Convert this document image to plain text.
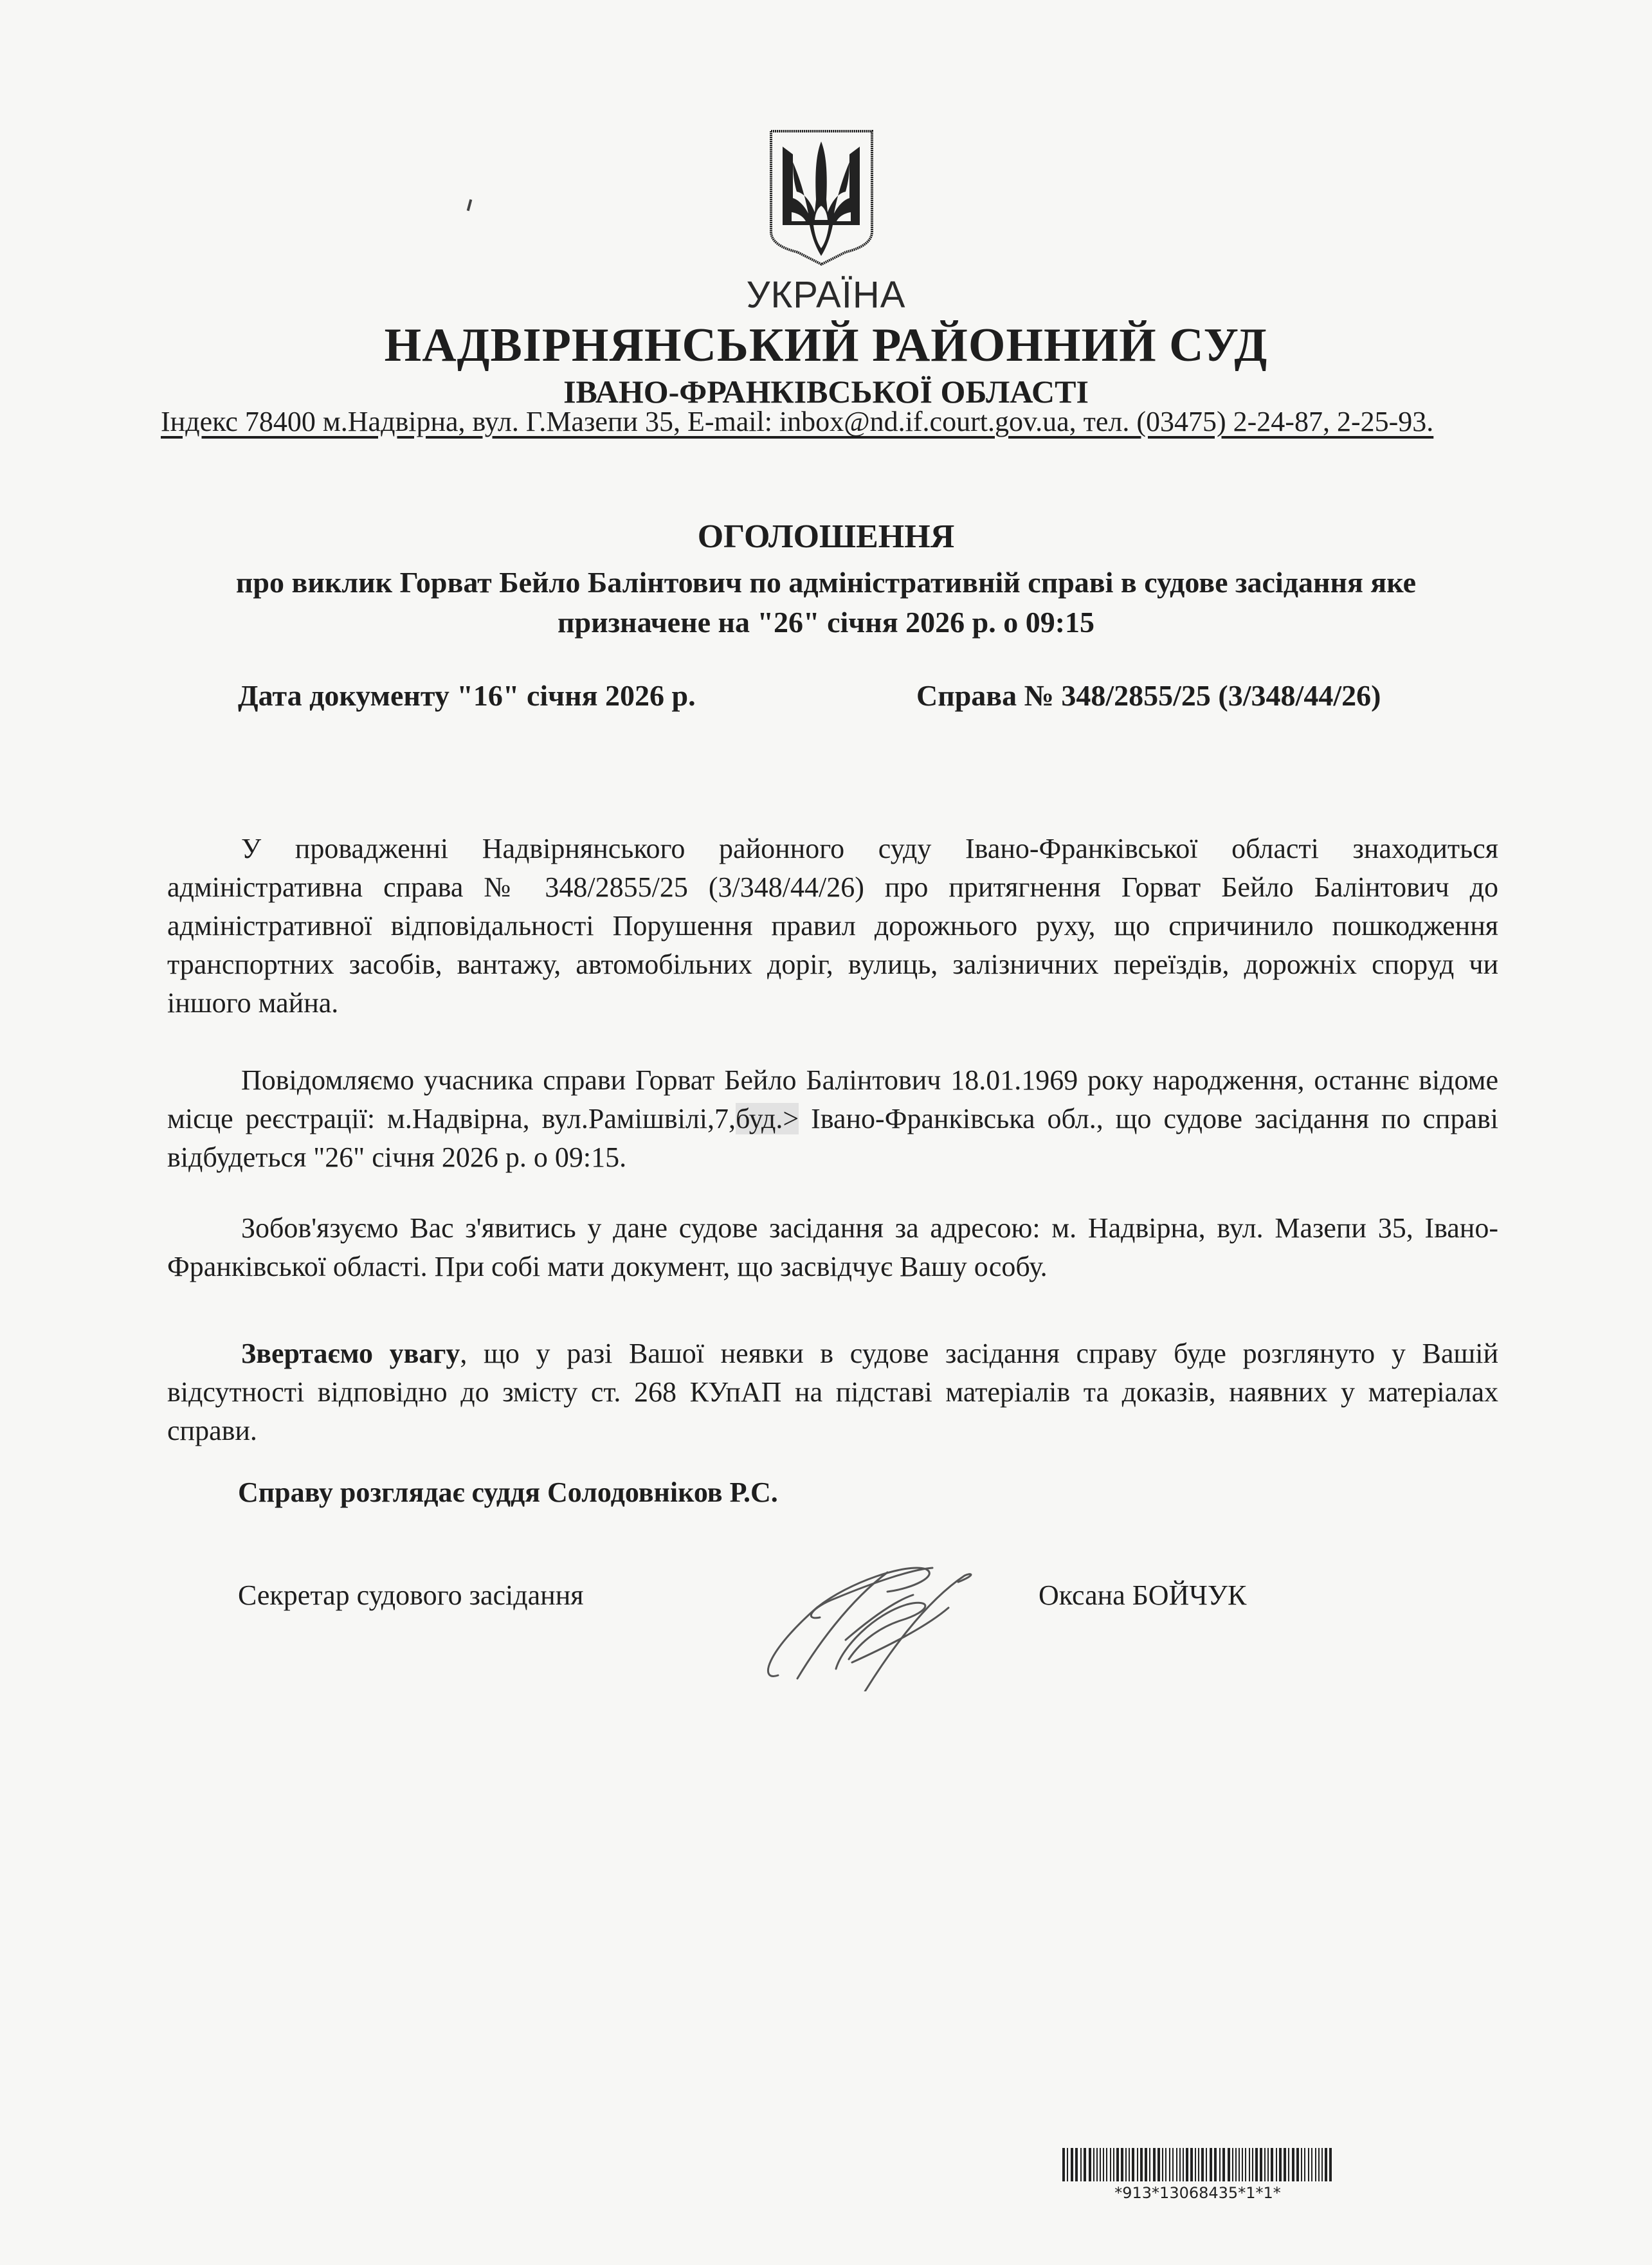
УКРАЇНА
НАДВІРНЯНСЬКИЙ РАЙОННИЙ СУД
ІВАНО-ФРАНКІВСЬКОЇ ОБЛАСТІ
Індекс 78400 м.Надвірна, вул. Г.Мазепи 35, E-mail: inbox@nd.if.court.gov.ua, тел. (03475) 2-24-87, 2-25-93.
ОГОЛОШЕННЯ
про виклик Горват Бейло Балінтович по адміністративній справі в судове засідання яке призначене на "26" січня 2026 р. о 09:15
Дата документу "16" січня 2026 р.	Справа № 348/2855/25 (3/348/44/26)
У провадженні Надвірнянського районного суду Івано-Франківської області знаходиться адміністративна справа № 348/2855/25 (3/348/44/26) про притягнення Горват Бейло Балінтович до адміністративної відповідальності Порушення правил дорожнього руху, що спричинило пошкодження транспортних засобів, вантажу, автомобільних доріг, вулиць, залізничних переїздів, дорожніх споруд чи іншого майна.
Повідомляємо учасника справи Горват Бейло Балінтович 18.01.1969 року народження, останнє відоме місце реєстрації: м.Надвірна, вул.Рамішвілі,7,буд.> Івано-Франківська обл., що судове засідання по справі відбудеться "26" січня 2026 р. о 09:15.
Зобов'язуємо Вас з'явитись у дане судове засідання за адресою: м. Надвірна, вул. Мазепи 35, Івано-Франківської області. При собі мати документ, що засвідчує Вашу особу.
Звертаємо увагу, що у разі Вашої неявки в судове засідання справу буде розглянуто у Вашій відсутності відповідно до змісту ст. 268 КУпАП на підставі матеріалів та доказів, наявних у матеріалах справи.
Справу розглядає суддя Солодовніков Р.С.
Секретар судового засідання	Оксана БОЙЧУК
*913*13068435*1*1*
